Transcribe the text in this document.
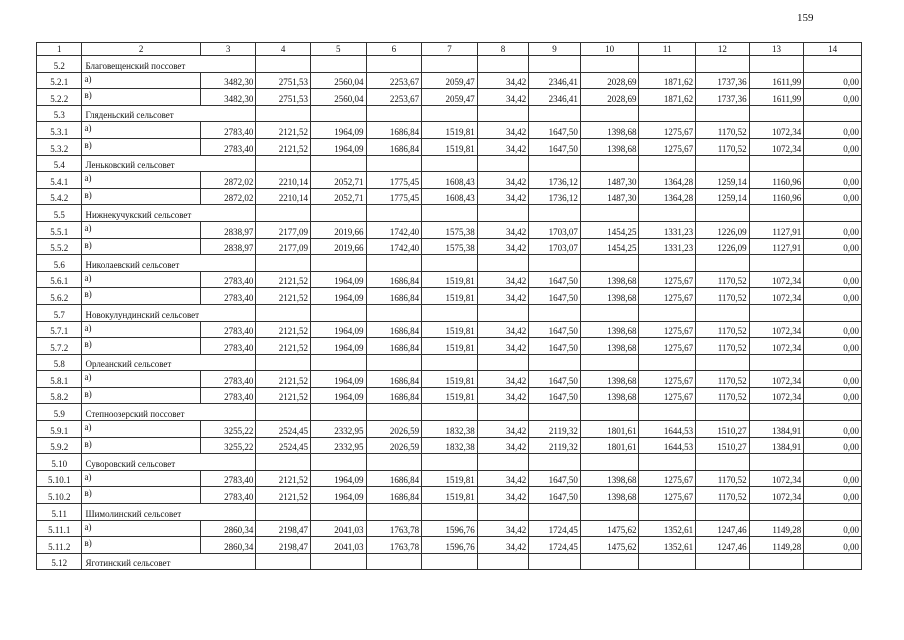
159
1	2	3	4	5	6	7	8	9	10	11	12	13	14
5.2	Благовещенский поссовет												
5.2.1	а)	3482,30	2751,53	2560,04	2253,67	2059,47	34,42	2346,41	2028,69	1871,62	1737,36	1611,99	0,00
5.2.2	в)	3482,30	2751,53	2560,04	2253,67	2059,47	34,42	2346,41	2028,69	1871,62	1737,36	1611,99	0,00
5.3	Гляденьский сельсовет												
5.3.1	а)	2783,40	2121,52	1964,09	1686,84	1519,81	34,42	1647,50	1398,68	1275,67	1170,52	1072,34	0,00
5.3.2	в)	2783,40	2121,52	1964,09	1686,84	1519,81	34,42	1647,50	1398,68	1275,67	1170,52	1072,34	0,00
5.4	Леньковский сельсовет												
5.4.1	а)	2872,02	2210,14	2052,71	1775,45	1608,43	34,42	1736,12	1487,30	1364,28	1259,14	1160,96	0,00
5.4.2	в)	2872,02	2210,14	2052,71	1775,45	1608,43	34,42	1736,12	1487,30	1364,28	1259,14	1160,96	0,00
5.5	Нижнекучукский сельсовет												
5.5.1	а)	2838,97	2177,09	2019,66	1742,40	1575,38	34,42	1703,07	1454,25	1331,23	1226,09	1127,91	0,00
5.5.2	в)	2838,97	2177,09	2019,66	1742,40	1575,38	34,42	1703,07	1454,25	1331,23	1226,09	1127,91	0,00
5.6	Николаевский сельсовет												
5.6.1	а)	2783,40	2121,52	1964,09	1686,84	1519,81	34,42	1647,50	1398,68	1275,67	1170,52	1072,34	0,00
5.6.2	в)	2783,40	2121,52	1964,09	1686,84	1519,81	34,42	1647,50	1398,68	1275,67	1170,52	1072,34	0,00
5.7	Новокулундинский сельсовет												
5.7.1	а)	2783,40	2121,52	1964,09	1686,84	1519,81	34,42	1647,50	1398,68	1275,67	1170,52	1072,34	0,00
5.7.2	в)	2783,40	2121,52	1964,09	1686,84	1519,81	34,42	1647,50	1398,68	1275,67	1170,52	1072,34	0,00
5.8	Орлеанский сельсовет												
5.8.1	а)	2783,40	2121,52	1964,09	1686,84	1519,81	34,42	1647,50	1398,68	1275,67	1170,52	1072,34	0,00
5.8.2	в)	2783,40	2121,52	1964,09	1686,84	1519,81	34,42	1647,50	1398,68	1275,67	1170,52	1072,34	0,00
5.9	Степноозерский поссовет												
5.9.1	а)	3255,22	2524,45	2332,95	2026,59	1832,38	34,42	2119,32	1801,61	1644,53	1510,27	1384,91	0,00
5.9.2	в)	3255,22	2524,45	2332,95	2026,59	1832,38	34,42	2119,32	1801,61	1644,53	1510,27	1384,91	0,00
5.10	Суворовский сельсовет												
5.10.1	а)	2783,40	2121,52	1964,09	1686,84	1519,81	34,42	1647,50	1398,68	1275,67	1170,52	1072,34	0,00
5.10.2	в)	2783,40	2121,52	1964,09	1686,84	1519,81	34,42	1647,50	1398,68	1275,67	1170,52	1072,34	0,00
5.11	Шимолинский сельсовет												
5.11.1	а)	2860,34	2198,47	2041,03	1763,78	1596,76	34,42	1724,45	1475,62	1352,61	1247,46	1149,28	0,00
5.11.2	в)	2860,34	2198,47	2041,03	1763,78	1596,76	34,42	1724,45	1475,62	1352,61	1247,46	1149,28	0,00
5.12	Яготинский сельсовет												
